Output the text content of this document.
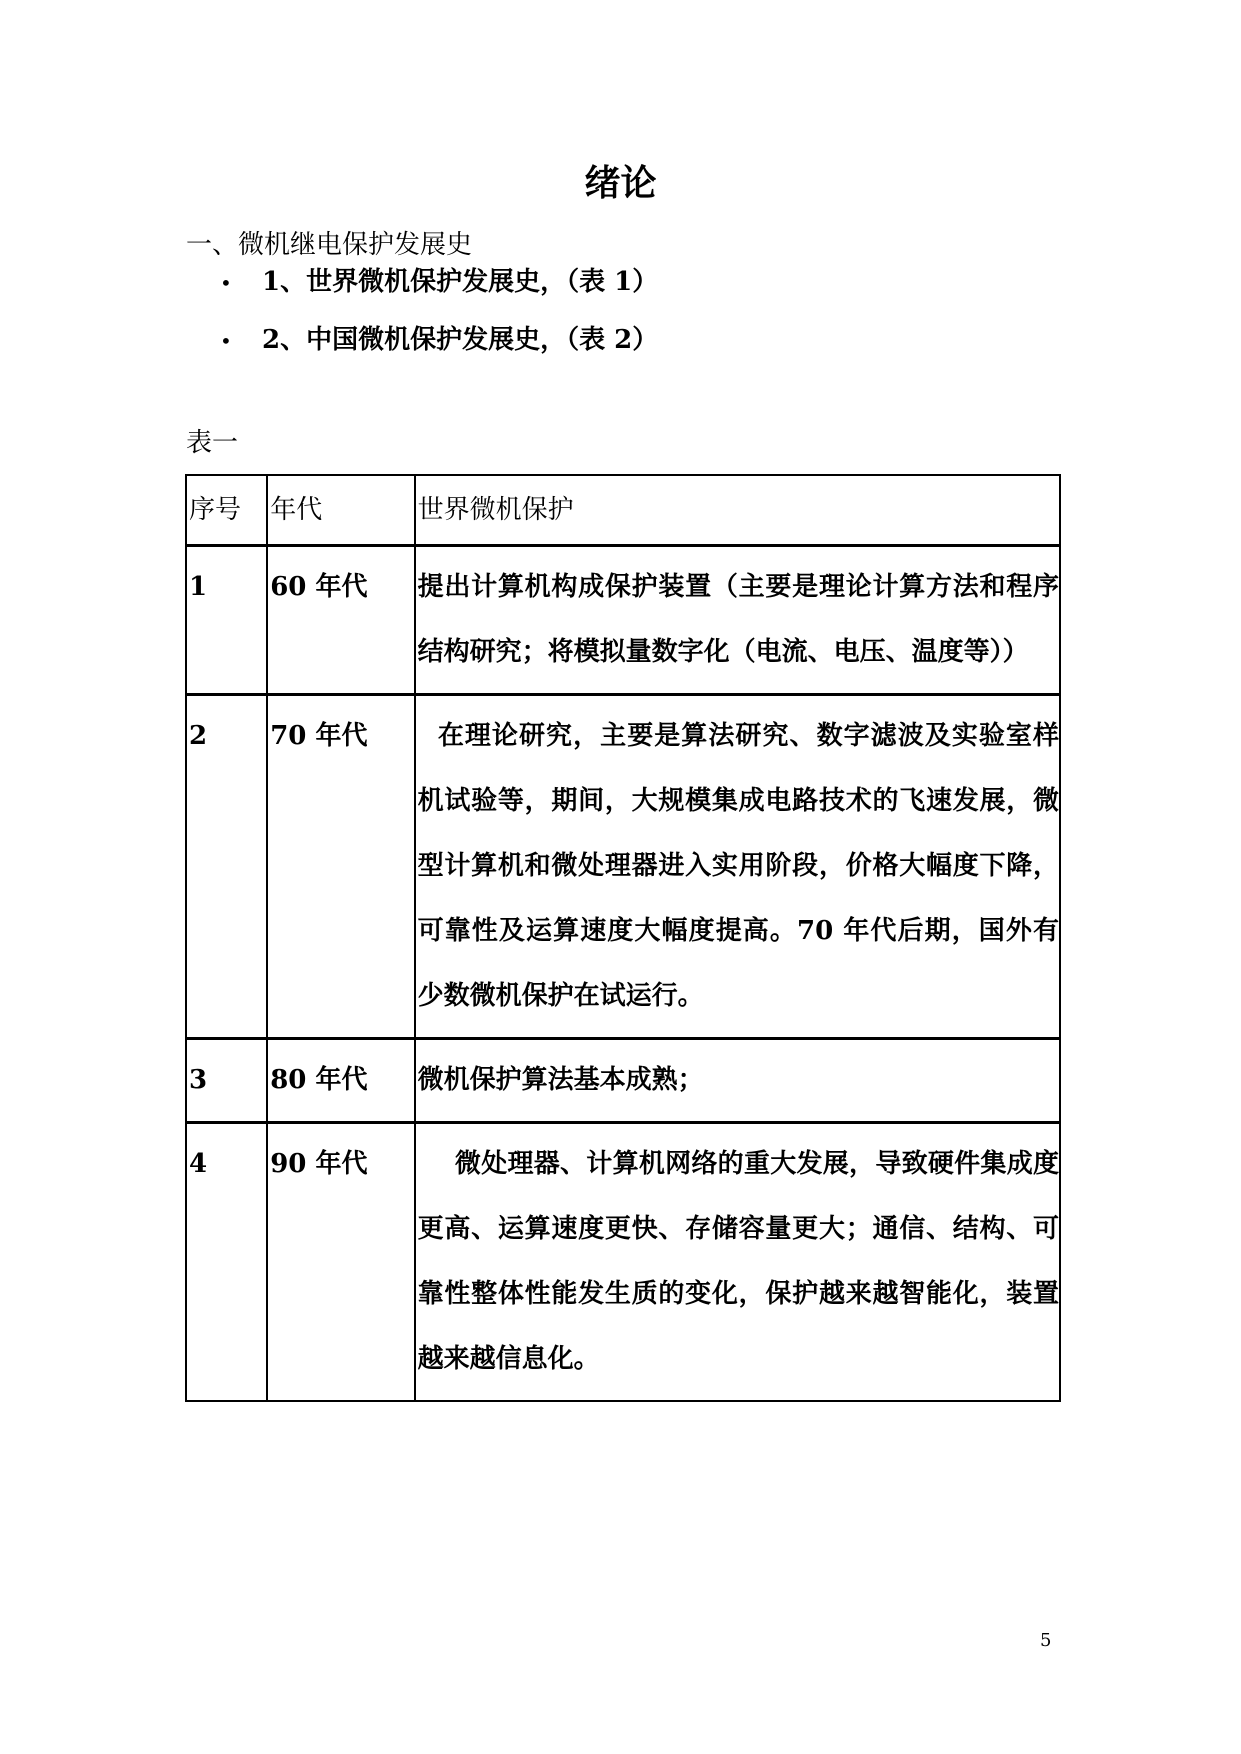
绪论
一、微机继电保护发展史
• 1、世界微机保护发展史，（表 1）
• 2、中国微机保护发展史，（表 2）
表一
序号	年代	世界微机保护
1	60 年代	提出计算机构成保护装置（主要是理论计算方法和程序结构研究；将模拟量数字化（电流、电压、温度等））
2	70 年代	在理论研究，主要是算法研究、数字滤波及实验室样机试验等，期间，大规模集成电路技术的飞速发展，微型计算机和微处理器进入实用阶段，价格大幅度下降，可靠性及运算速度大幅度提高。70 年代后期，国外有少数微机保护在试运行。
3	80 年代	微机保护算法基本成熟；
4	90 年代	微处理器、计算机网络的重大发展，导致硬件集成度更高、运算速度更快、存储容量更大；通信、结构、可靠性整体性能发生质的变化，保护越来越智能化，装置越来越信息化。
5
